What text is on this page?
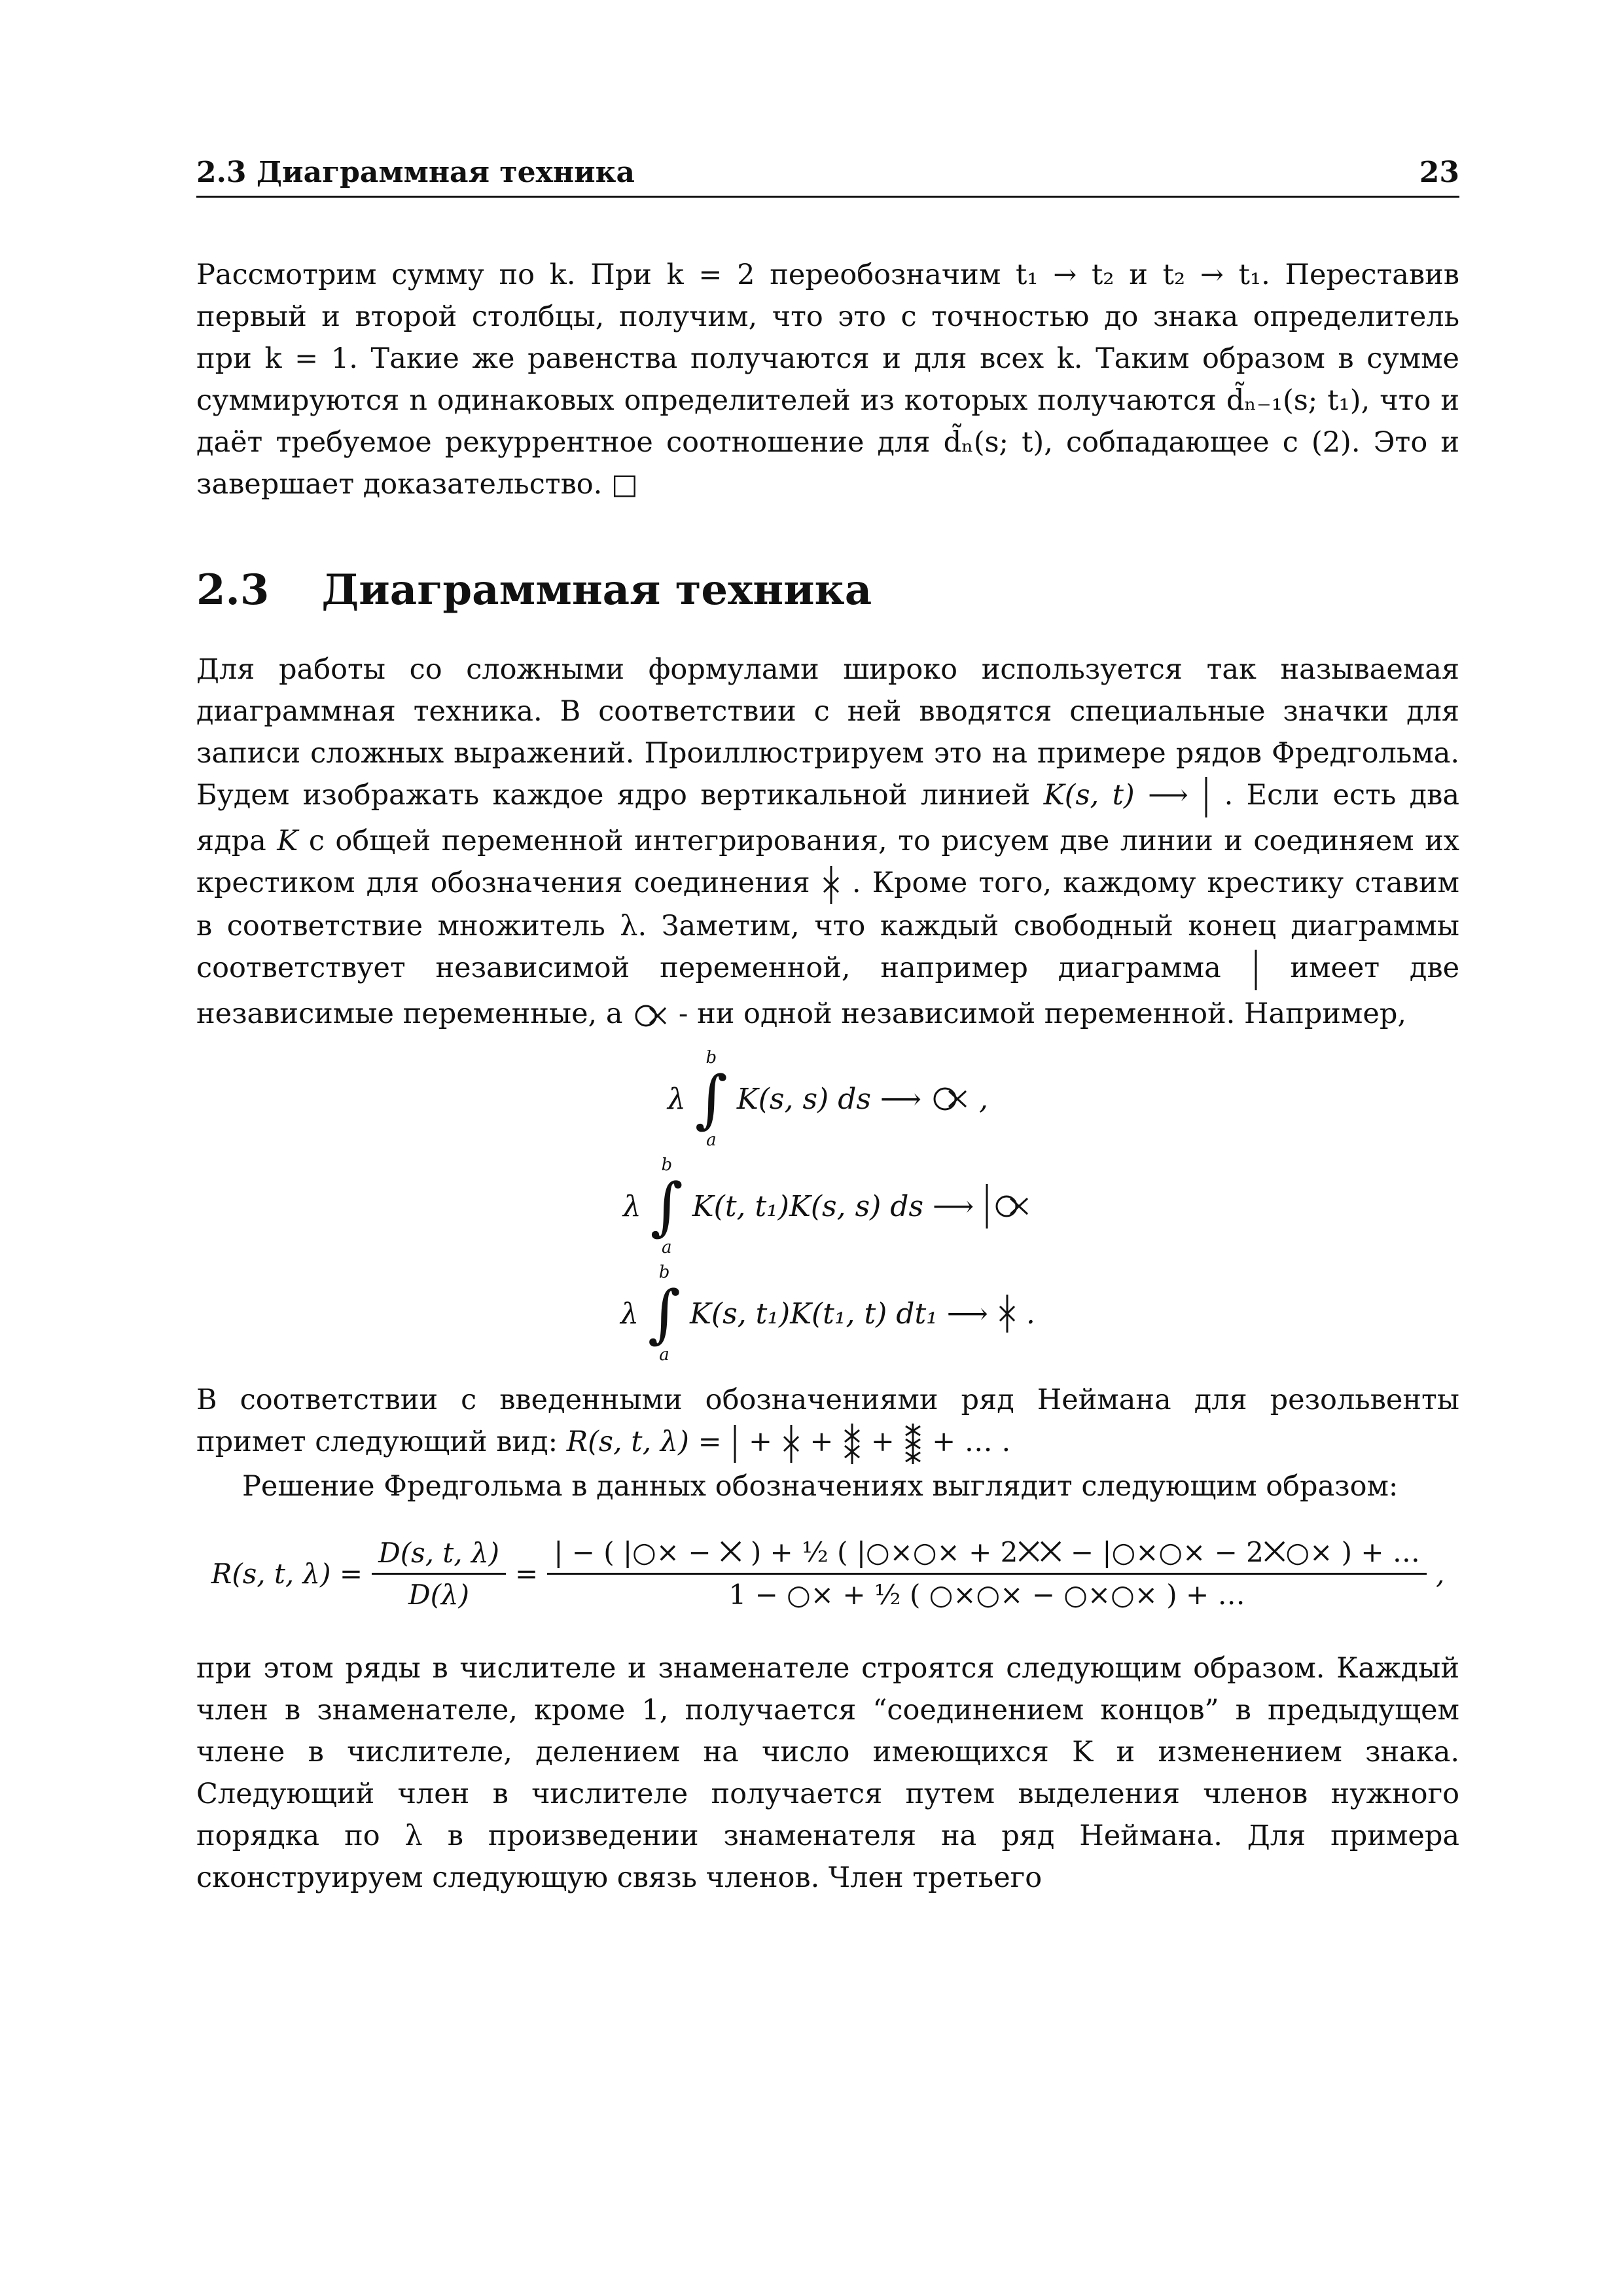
2.3 Диаграммная техника	23

Рассмотрим сумму по k. При k = 2 переобозначим t₁ → t₂ и t₂ → t₁. Переставив первый и второй столбцы, получим, что это с точностью до знака определитель при k = 1. Такие же равенства получаются и для всех k. Таким образом в сумме суммируются n одинаковых определителей из которых получаются d̃ₙ₋₁(s; t₁), что и даёт требуемое рекуррентное соотношение для d̃ₙ(s; t), собпадающее с (2). Это и завершает доказательство. □

2.3 Диаграммная техника

Для работы со сложными формулами широко используется так называемая диаграммная техника. В соответствии с ней вводятся специальные значки для записи сложных выражений. Проиллюстрируем это на примере рядов Фредгольма. Будем изображать каждое ядро вертикальной линией K(s, t) ⟶ . Если есть два ядра K с общей переменной интегрирования, то рисуем две линии и соединяем их крестиком для обозначения соединения . Кроме того, каждому крестику ставим в соответствие множитель λ. Заметим, что каждый свободный конец диаграммы соответствует независимой переменной, например диаграмма имеет две независимые переменные, а - ни одной независимой переменной. Например,

λ
b
∫
a
K(s, s) ds ⟶ ,
λ
b
∫
a
K(t, t₁)K(s, s) ds ⟶
λ
b
∫
a
K(s, t₁)K(t₁, t) dt₁ ⟶ .

В соответствии с введенными обозначениями ряд Неймана для резольвенты примет следующий вид: R(s, t, λ) = + + + + … .

Решение Фредгольма в данных обозначениях выглядит следующим образом:

R(s, t, $\lambda) = \frac{D(s, t, \lambda)}{D(\lambda)} = \frac{\text{| − ( |○× − ⨉ ) + ½ ( |○×○× + 2⨉⨉ − |○×○× − 2⨉○× ) + …}}{\text{1 − ○× + ½ ( ○×○× − ○×○× ) + …}}$ ,

при этом ряды в числителе и знаменателе строятся следующим образом. Каждый член в знаменателе, кроме 1, получается “соединением концов” в предыдущем члене в числителе, делением на число имеющихся K и изменением знака. Следующий член в числителе получается путем выделения членов нужного порядка по λ в произведении знаменателя на ряд Неймана. Для примера сконструируем следующую связь членов. Член третьего
